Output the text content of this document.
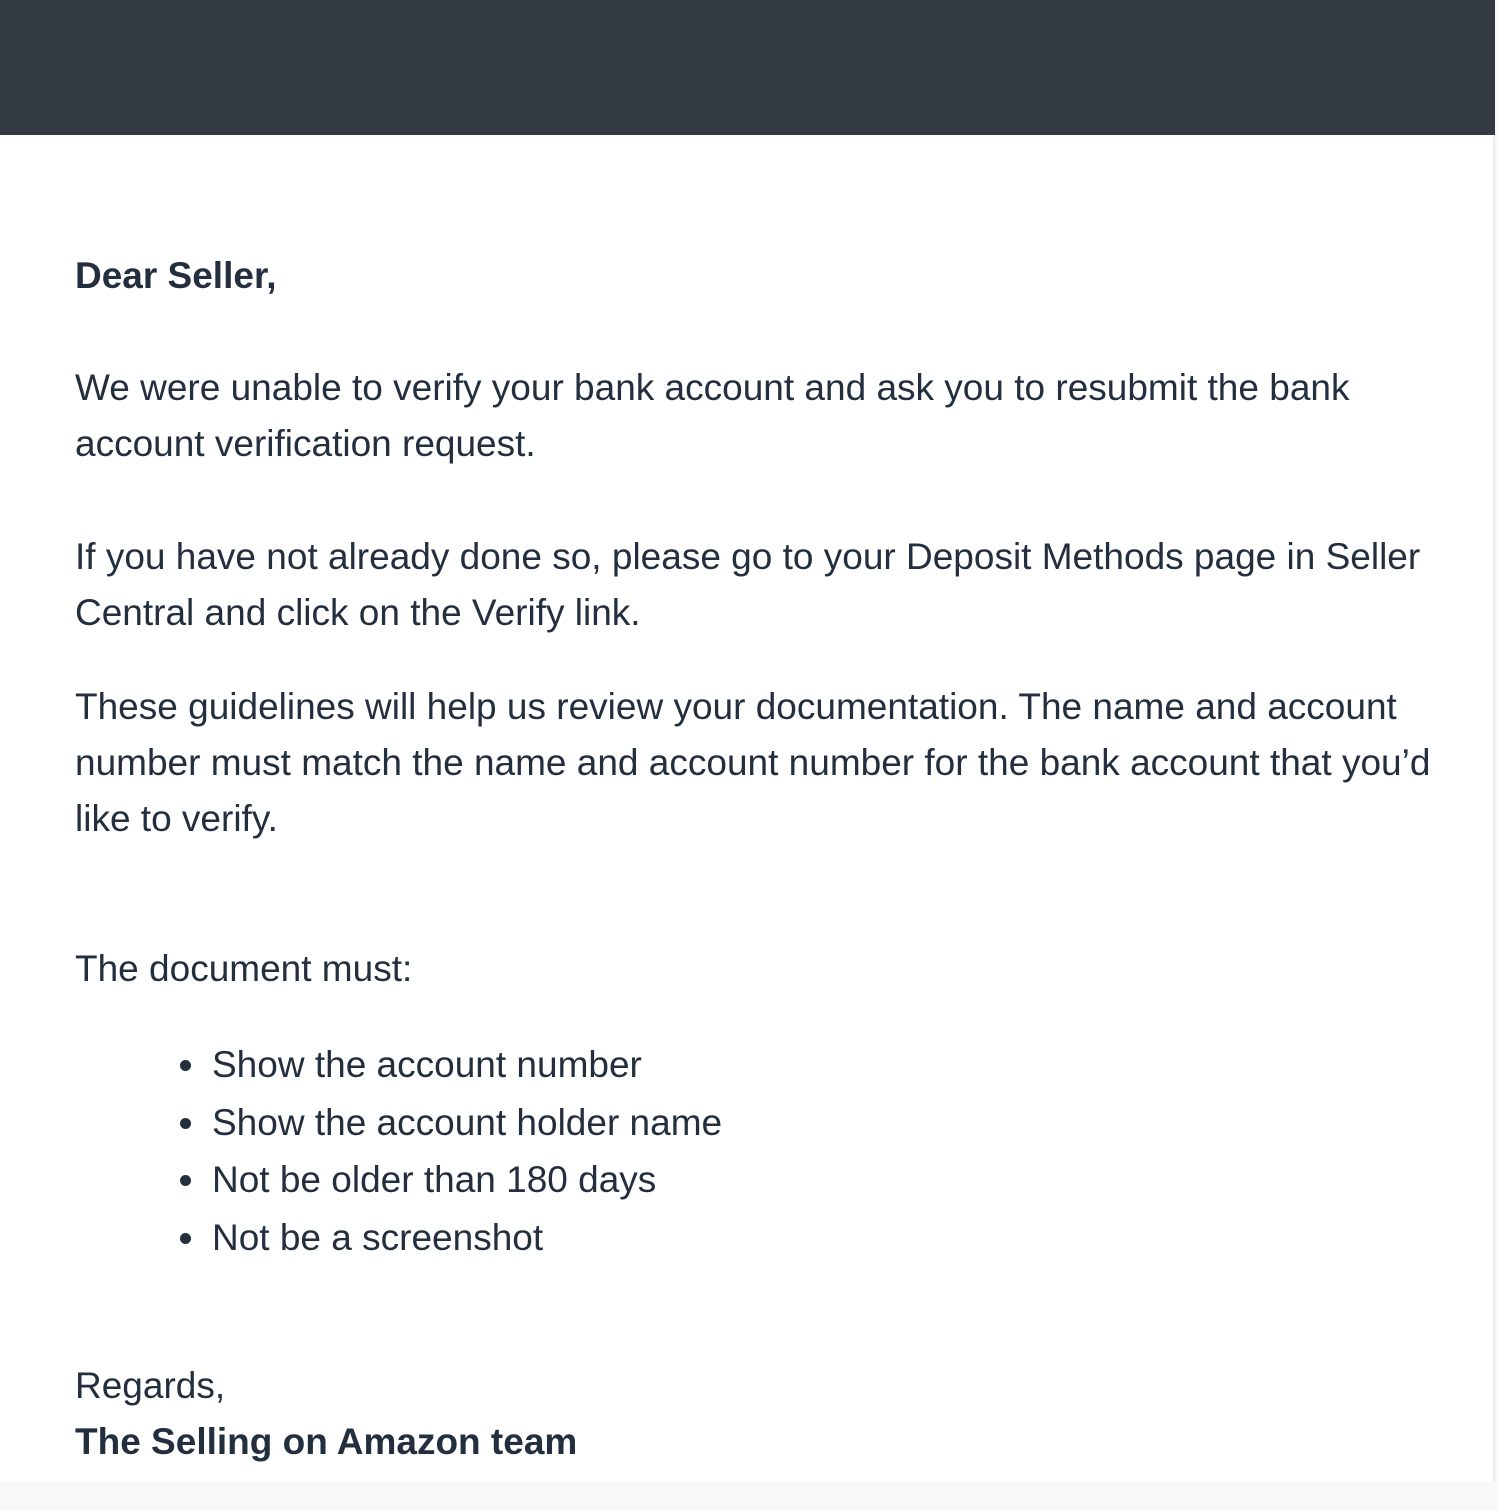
Dear Seller,

We were unable to verify your bank account and ask you to resubmit the bank account verification request.

If you have not already done so, please go to your Deposit Methods page in Seller Central and click on the Verify link.

These guidelines will help us review your documentation. The name and account number must match the name and account number for the bank account that you’d like to verify.

The document must:

Show the account number
Show the account holder name
Not be older than 180 days
Not be a screenshot

Regards,

The Selling on Amazon team
